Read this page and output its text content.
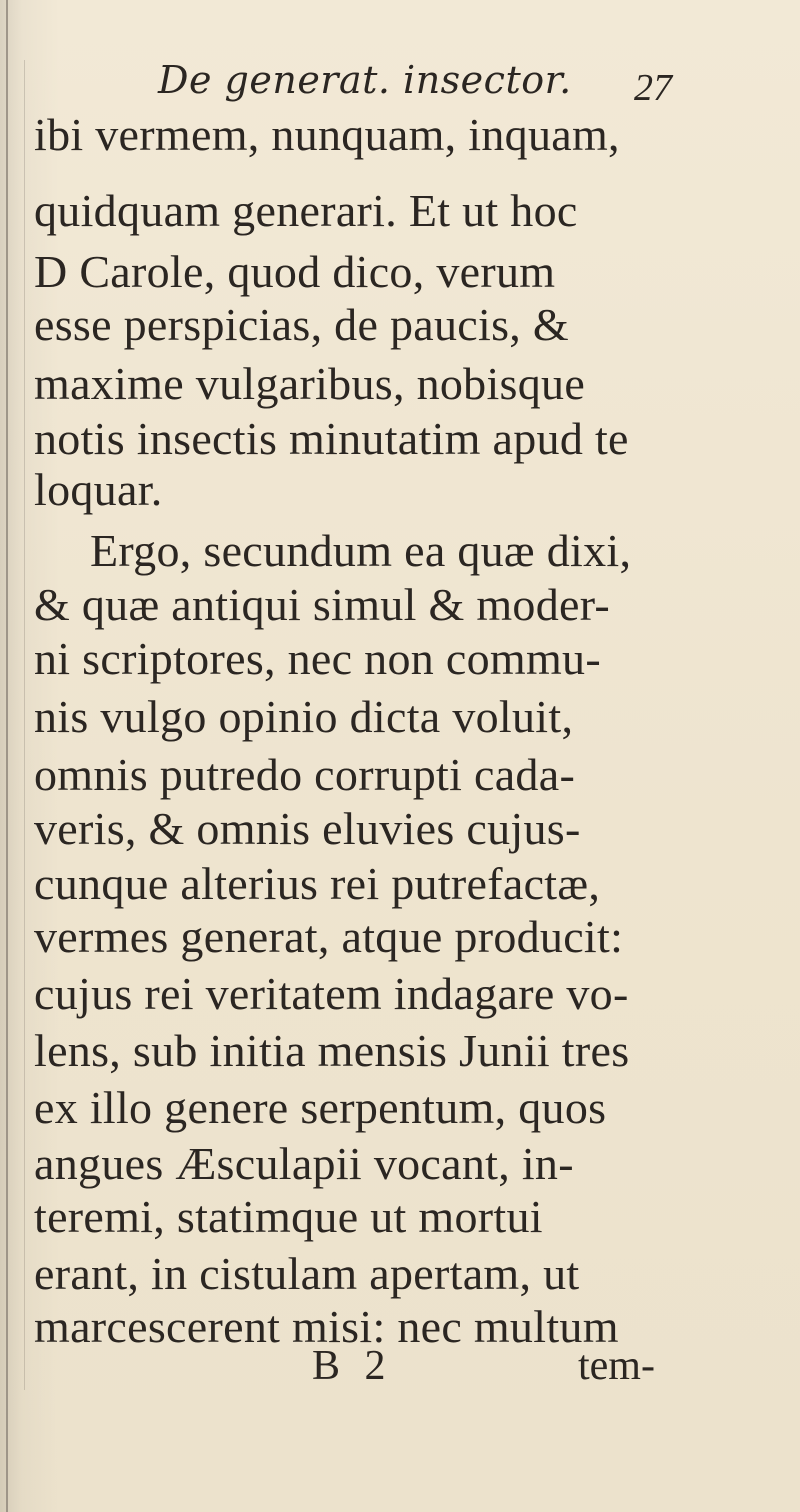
De generat. insector. 27
ibi vermem, nunquam, inquam,
quidquam generari. Et ut hoc
D Carole, quod dico, verum
esse perspicias, de paucis, &
maxime vulgaribus, nobisque
notis insectis minutatim apud te
loquar.
Ergo, secundum ea quæ dixi,
& quæ antiqui simul & moder-
ni scriptores, nec non commu-
nis vulgo opinio dicta voluit,
omnis putredo corrupti cada-
veris, & omnis eluvies cujus-
cunque alterius rei putrefactæ,
vermes generat, atque producit:
cujus rei veritatem indagare vo-
lens, sub initia mensis Junii tres
ex illo genere serpentum, quos
angues Æsculapii vocant, in-
teremi, statimque ut mortui
erant, in cistulam apertam, ut
marcescerent misi: nec multum
B 2	tem-
